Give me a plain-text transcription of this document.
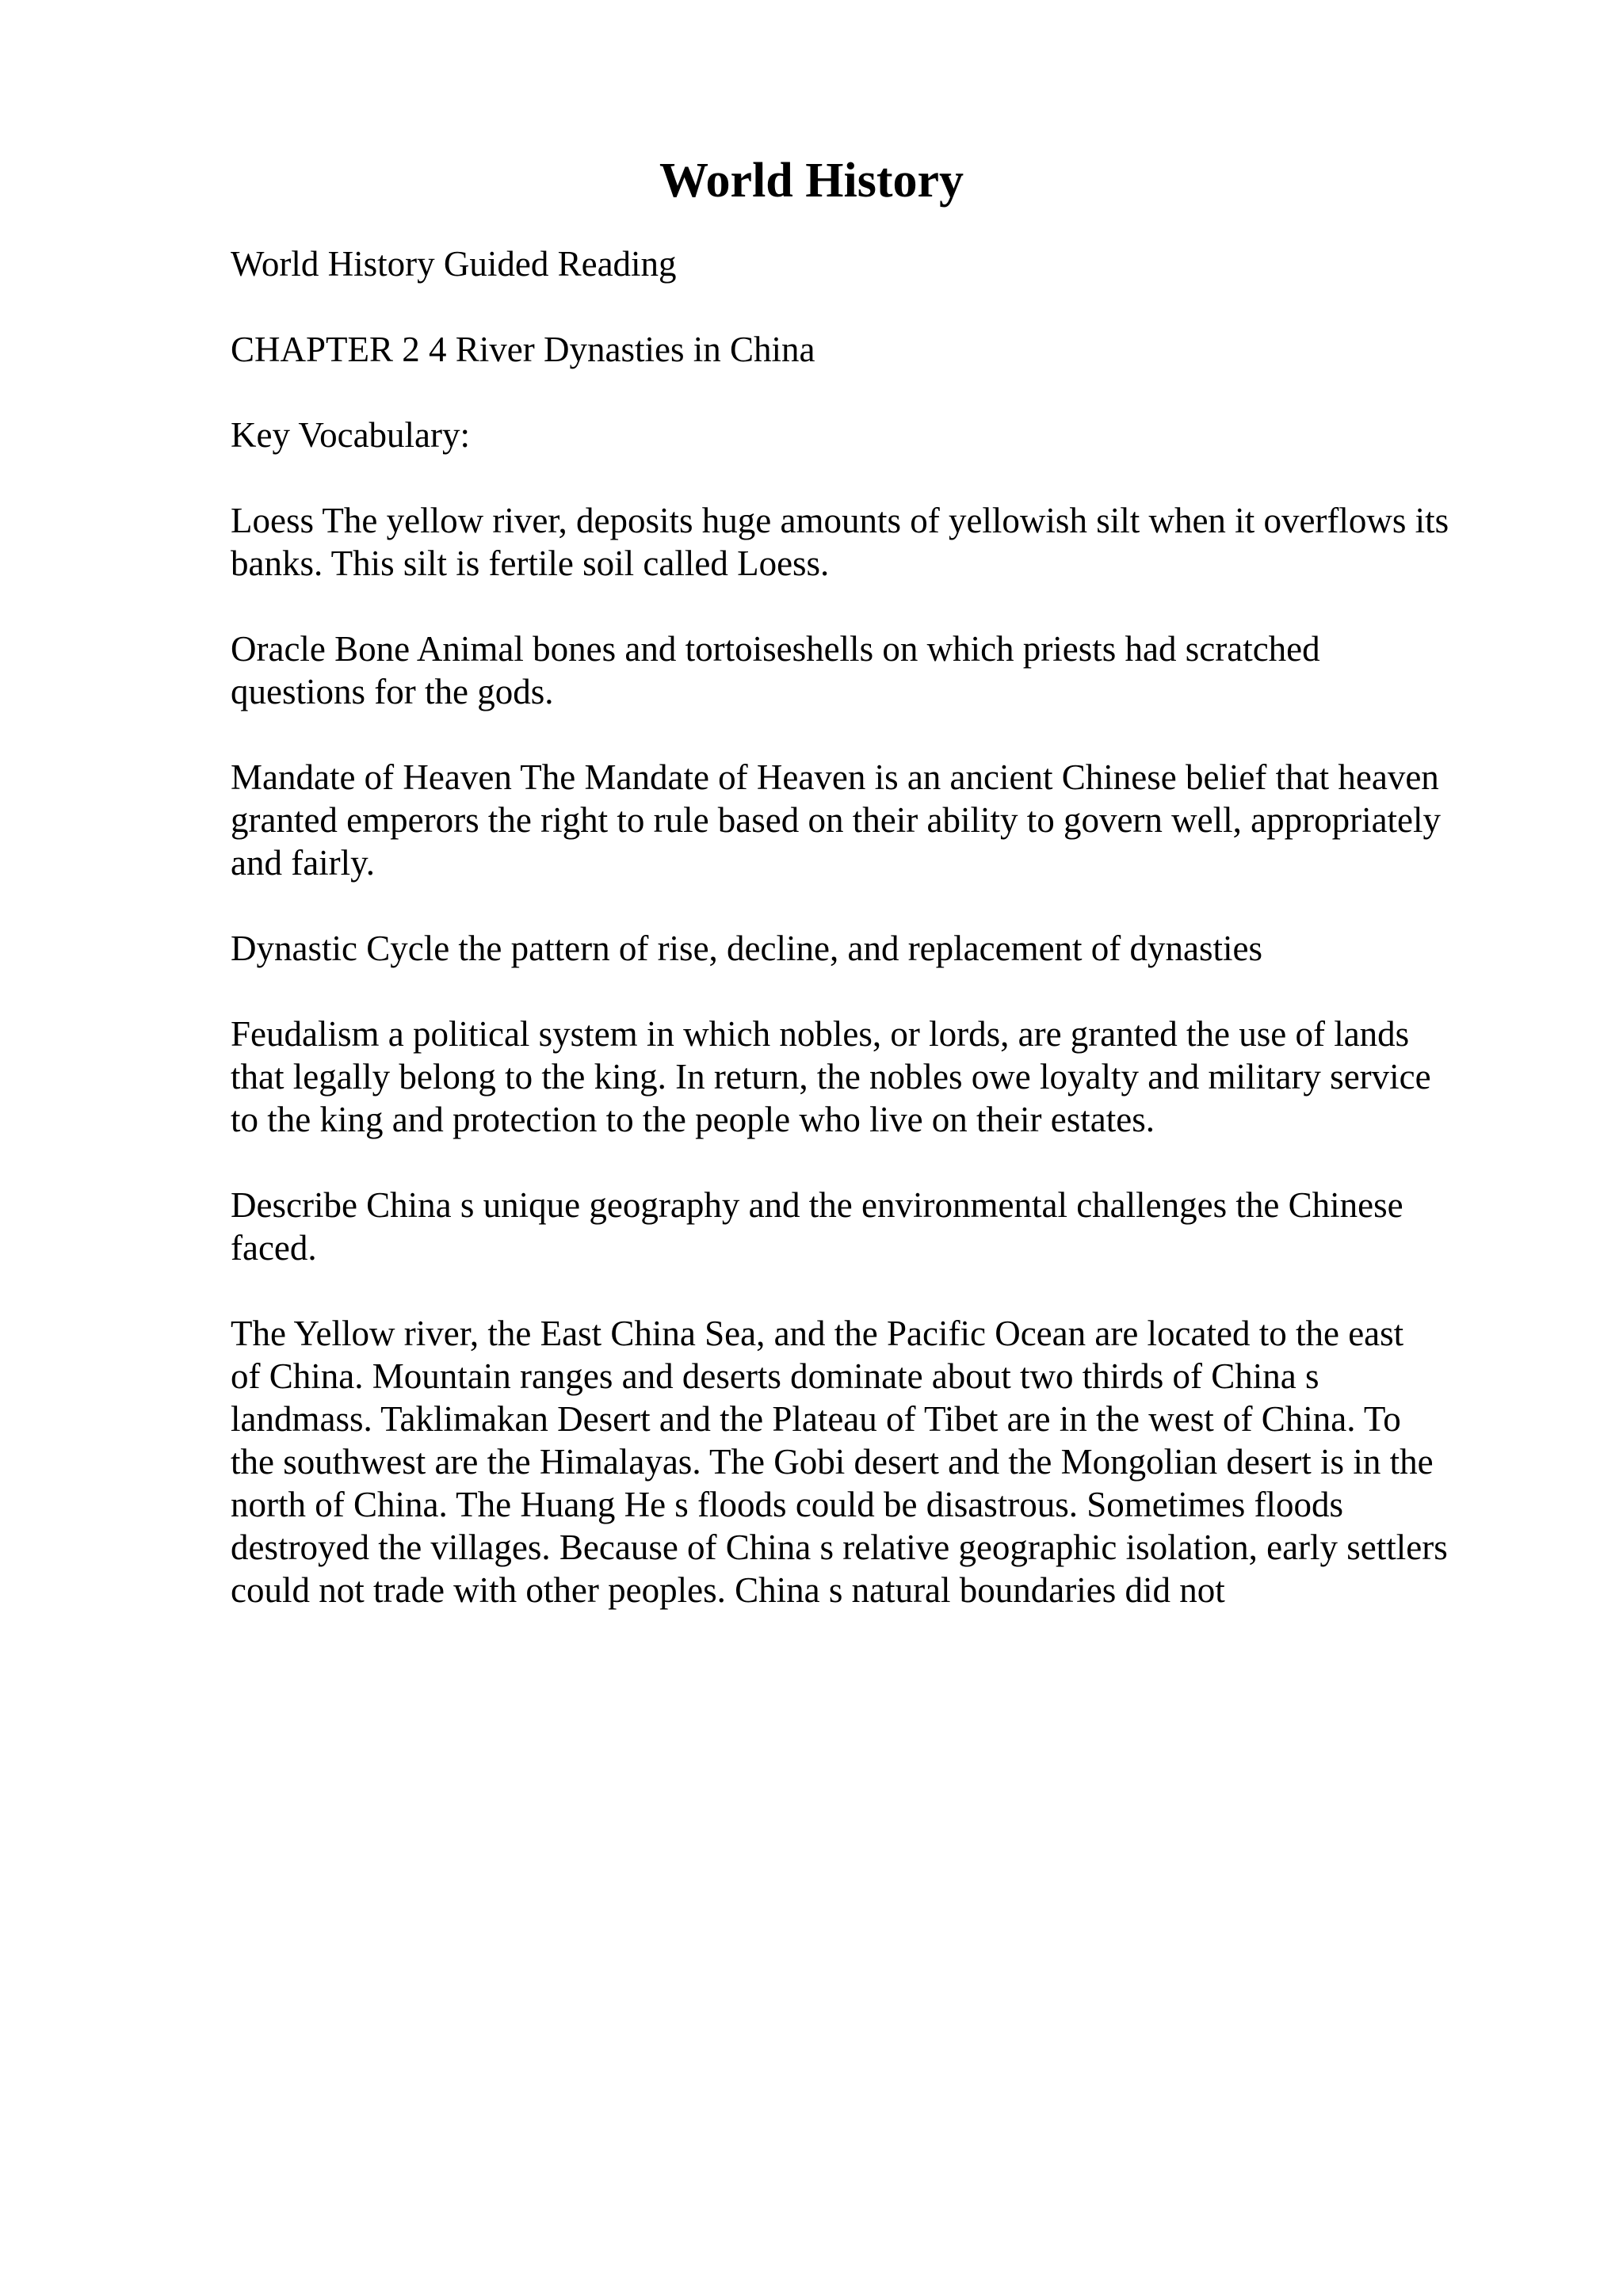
World History

World History Guided Reading

CHAPTER 2 4 River Dynasties in China

Key Vocabulary:

Loess The yellow river, deposits huge amounts of yellowish silt when it overflows its
banks. This silt is fertile soil called Loess.

Oracle Bone Animal bones and tortoiseshells on which priests had scratched
questions for the gods.

Mandate of Heaven The Mandate of Heaven is an ancient Chinese belief that heaven
granted emperors the right to rule based on their ability to govern well, appropriately
and fairly.

Dynastic Cycle the pattern of rise, decline, and replacement of dynasties

Feudalism a political system in which nobles, or lords, are granted the use of lands
that legally belong to the king. In return, the nobles owe loyalty and military service
to the king and protection to the people who live on their estates.

Describe China s unique geography and the environmental challenges the Chinese
faced.

The Yellow river, the East China Sea, and the Pacific Ocean are located to the east
of China. Mountain ranges and deserts dominate about two thirds of China s
landmass. Taklimakan Desert and the Plateau of Tibet are in the west of China. To
the southwest are the Himalayas. The Gobi desert and the Mongolian desert is in the
north of China. The Huang He s floods could be disastrous. Sometimes floods
destroyed the villages. Because of China s relative geographic isolation, early settlers
could not trade with other peoples. China s natural boundaries did not
